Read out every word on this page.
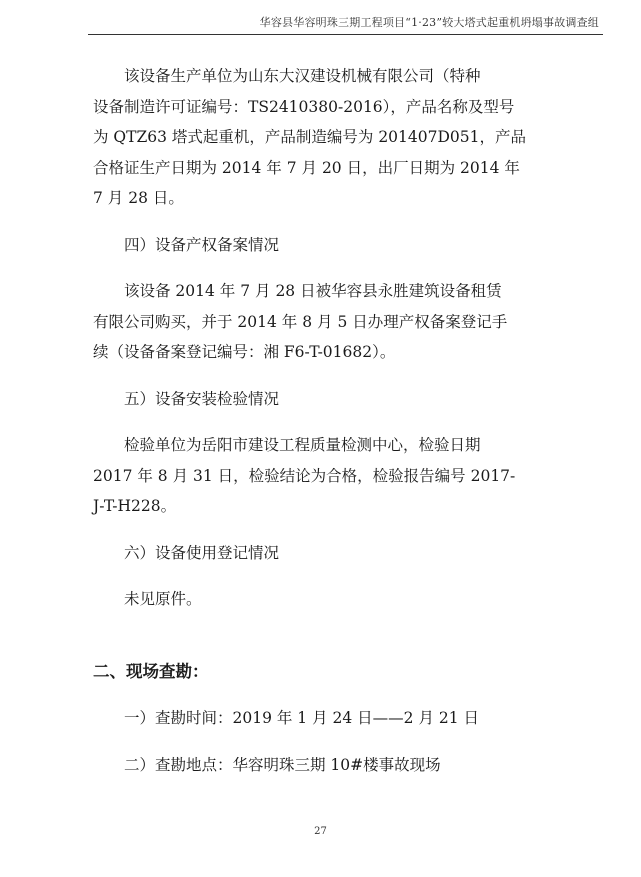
华容县华容明珠三期工程项目“1·23”较大塔式起重机坍塌事故调查组
该设备生产单位为山东大汉建设机械有限公司（特种
设备制造许可证编号：TS2410380-2016），产品名称及型号
为 QTZ63 塔式起重机，产品制造编号为 201407D051，产品
合格证生产日期为 2014 年 7 月 20 日，出厂日期为 2014 年
7 月 28 日。
四）设备产权备案情况
该设备 2014 年 7 月 28 日被华容县永胜建筑设备租赁
有限公司购买，并于 2014 年 8 月 5 日办理产权备案登记手
续（设备备案登记编号：湘 F6-T-01682）。
五）设备安装检验情况
检验单位为岳阳市建设工程质量检测中心，检验日期
2017 年 8 月 31 日，检验结论为合格，检验报告编号 2017-
J-T-H228。
六）设备使用登记情况
未见原件。
二、现场查勘：
一）查勘时间：2019 年 1 月 24 日——2 月 21 日
二）查勘地点：华容明珠三期 10#楼事故现场
27
